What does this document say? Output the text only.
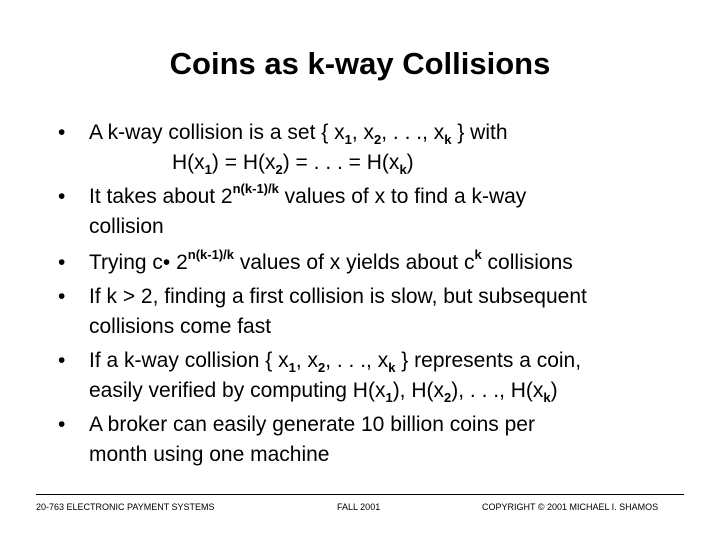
Coins as k-way Collisions
• A k-way collision is a set { $x_1$, $x_2$, . . ., $x_k$ } with
$H(x_1) = H(x_2)$ = . . . = $H(x_k)$
• It takes about $2^{n(k-1)/k}$ values of x to find a k-way
collision
• Trying c• $2^{n(k-1)/k}$ values of x yields about $c^k$ collisions
• If k > 2, finding a first collision is slow, but subsequent
collisions come fast
• If a k-way collision { $x_1$, $x_2$, . . ., $x_k$ } represents a coin,
easily verified by computing $H(x_1)$, $H(x_2)$, . . ., $H(x_k)$
• A broker can easily generate 10 billion coins per
month using one machine
20-763 ELECTRONIC PAYMENT SYSTEMS	FALL 2001	COPYRIGHT © 2001 MICHAEL I. SHAMOS
